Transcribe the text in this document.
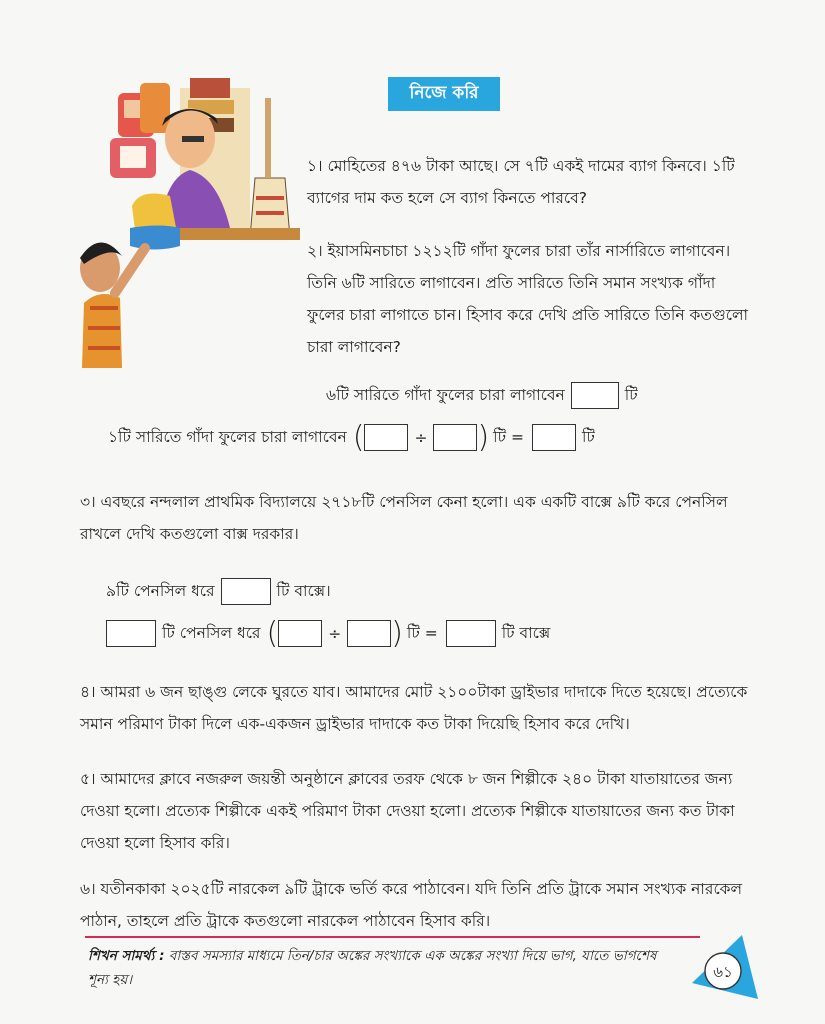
নিজে করি
১। মোহিতের ৪৭৬ টাকা আছে। সে ৭টি একই দামের ব্যাগ কিনবে। ১টি ব্যাগের দাম কত হলে সে ব্যাগ কিনতে পারবে?
২। ইয়াসমিনচাচা ১২১২টি গাঁদা ফুলের চারা তাঁর নার্সারিতে লাগাবেন। তিনি ৬টি সারিতে লাগাবেন। প্রতি সারিতে তিনি সমান সংখ্যক গাঁদা ফুলের চারা লাগাতে চান। হিসাব করে দেখি প্রতি সারিতে তিনি কতগুলো চারা লাগাবেন?
৬টি সারিতে গাঁদা ফুলের চারা লাগাবেন	টি
১টি সারিতে গাঁদা ফুলের চারা লাগাবেন (	÷ ) টি =	টি
৩। এবছরে নন্দলাল প্রাথমিক বিদ্যালয়ে ২৭১৮টি পেনসিল কেনা হলো। এক একটি বাক্সে ৯টি করে পেনসিল রাখলে দেখি কতগুলো বাক্স দরকার।
৯টি পেনসিল ধরে	টি বাক্সে।
টি পেনসিল ধরে (	÷ ) টি =	টি বাক্সে
৪। আমরা ৬ জন ছাঙ্গু লেকে ঘুরতে যাব। আমাদের মোট ২১০০টাকা ড্রাইভার দাদাকে দিতে হয়েছে। প্রত্যেকে সমান পরিমাণ টাকা দিলে এক-একজন ড্রাইভার দাদাকে কত টাকা দিয়েছি হিসাব করে দেখি।
৫। আমাদের ক্লাবে নজরুল জয়ন্তী অনুষ্ঠানে ক্লাবের তরফ থেকে ৮ জন শিল্পীকে ২৪০ টাকা যাতায়াতের জন্য দেওয়া হলো। প্রত্যেক শিল্পীকে একই পরিমাণ টাকা দেওয়া হলো। প্রত্যেক শিল্পীকে যাতায়াতের জন্য কত টাকা দেওয়া হলো হিসাব করি।
৬। যতীনকাকা ২০২৫টি নারকেল ৯টি ট্রাকে ভর্তি করে পাঠাবেন। যদি তিনি প্রতি ট্রাকে সমান সংখ্যক নারকেল পাঠান, তাহলে প্রতি ট্রাকে কতগুলো নারকেল পাঠাবেন হিসাব করি।
শিখন সামর্থ্য : বাস্তব সমস্যার মাধ্যমে তিন/চার অঙ্কের সংখ্যাকে এক অঙ্কের সংখ্যা দিয়ে ভাগ, যাতে ভাগশেষ শূন্য হয়।	৬১
